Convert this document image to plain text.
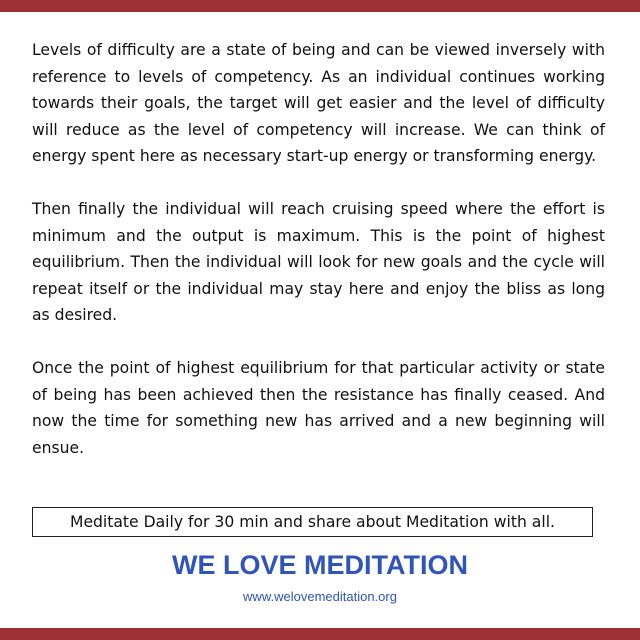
Levels of difficulty are a state of being and can be viewed inversely with reference to levels of competency. As an individual continues working towards their goals, the target will get easier and the level of difficulty will reduce as the level of competency will increase. We can think of energy spent here as necessary start-up energy or transforming energy.

Then finally the individual will reach cruising speed where the effort is minimum and the output is maximum. This is the point of highest equilibrium. Then the individual will look for new goals and the cycle will repeat itself or the individual may stay here and enjoy the bliss as long as desired.

Once the point of highest equilibrium for that particular activity or state of being has been achieved then the resistance has finally ceased. And now the time for something new has arrived and a new beginning will ensue.

Meditate Daily for 30 min and share about Meditation with all.
WE LOVE MEDITATION
www.welovemeditation.org
